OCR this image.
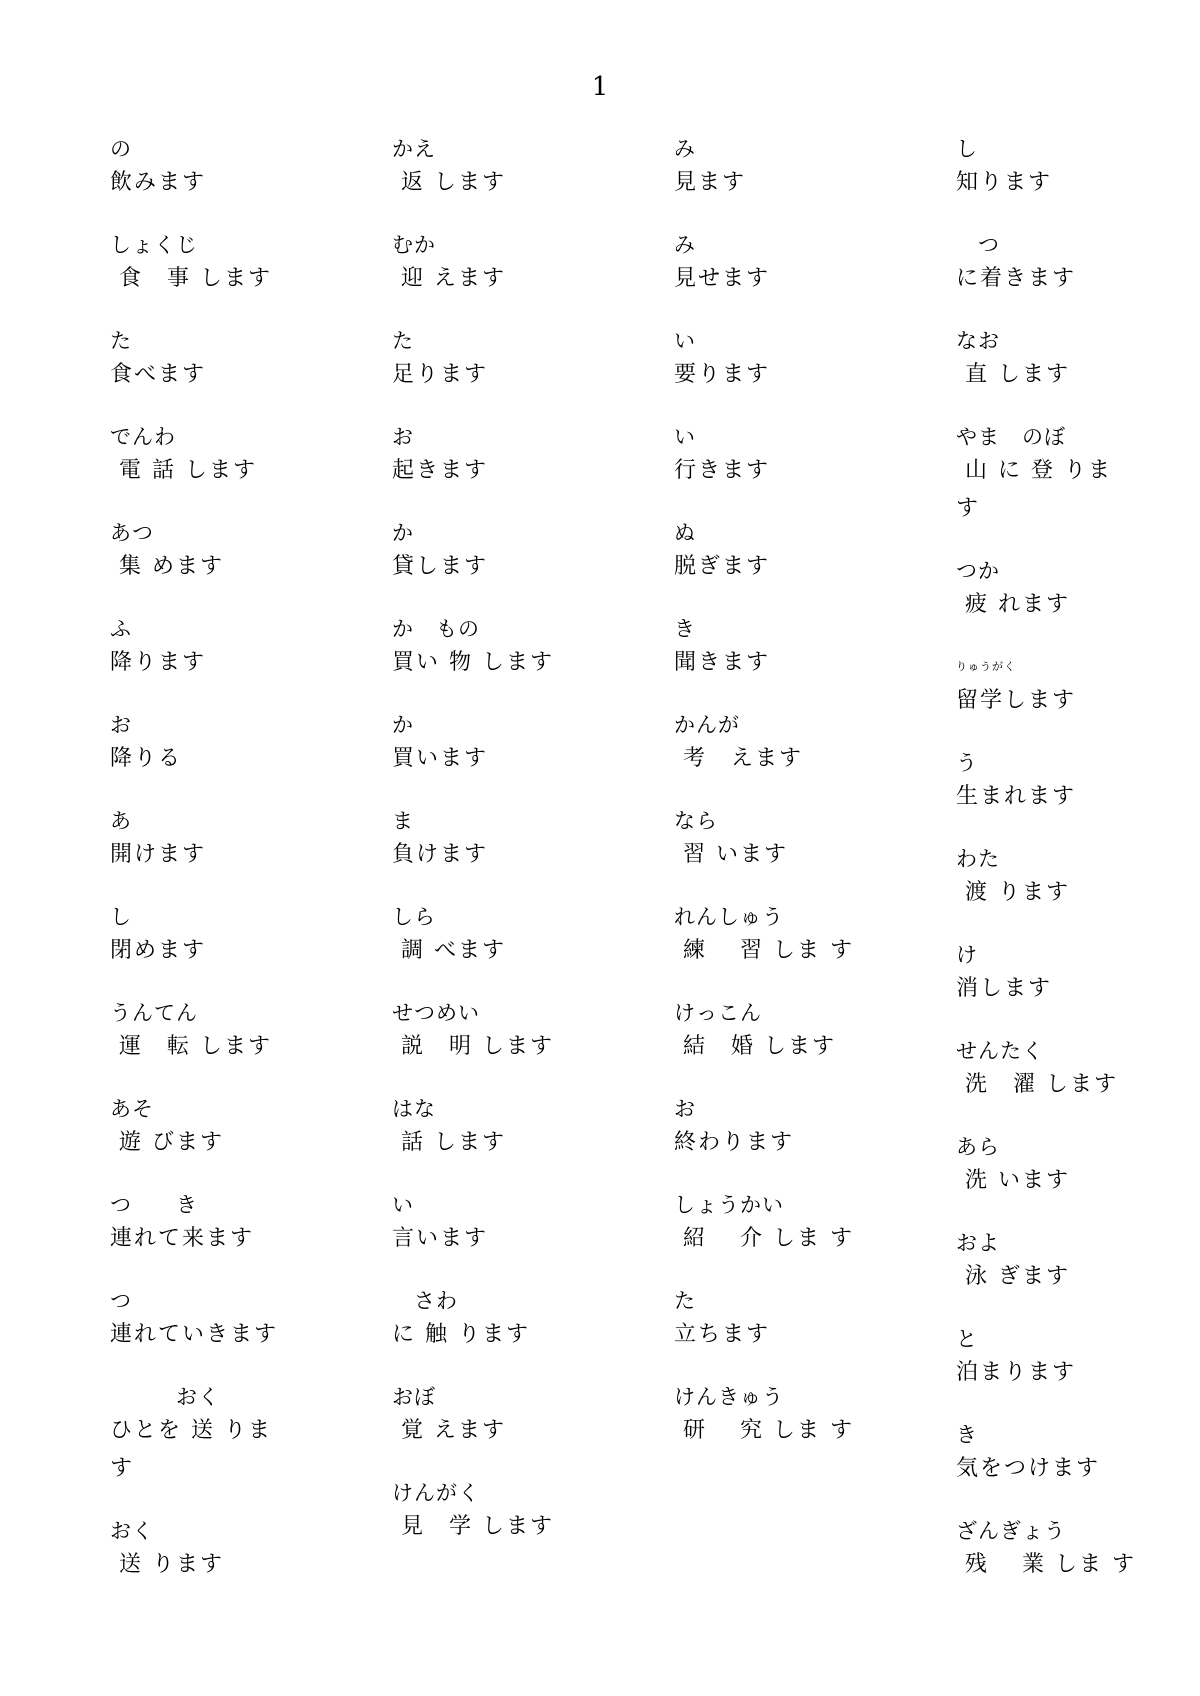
1
の
飲みます
しょくじ
食　事 します
た
食べます
でんわ
電 話 します
あつ
集 めます
ふ
降ります
お
降りる
あ
開けます
し
閉めます
うんてん
運　転 します
あそ
遊 びます
つ　　き
連れて来ます
つ
連れていきます
　　　おく
ひとを 送 りま す
おく
送 ります
かえ
返 します
むか
迎 えます
た
足ります
お
起きます
か
貸します
か　もの
買い 物 します
か
買います
ま
負けます
しら
調 べます
せつめい
説　明 します
はな
話 します
い
言います
　さわ
に 触 ります
おぼ
覚 えます
けんがく
見　学 します
み
見ます
み
見せます
い
要ります
い
行きます
ぬ
脱ぎます
き
聞きます
かんが
考　えます
なら
習 います
れんしゅう
練　 習 しま す
けっこん
結　婚 します
お
終わります
しょうかい
紹　 介 しま す
た
立ちます
けんきゅう
研　 究 しま す
し
知ります
　つ
に着きます
なお
直 します
やま　のぼ
山 に 登 りま す
つか
疲 れます
りゅうがく
留学します
う
生まれます
わた
渡 ります
け
消します
せんたく
洗　濯 します
あら
洗 います
およ
泳 ぎます
と
泊まります
き
気をつけます
ざんぎょう
残　 業 しま す
